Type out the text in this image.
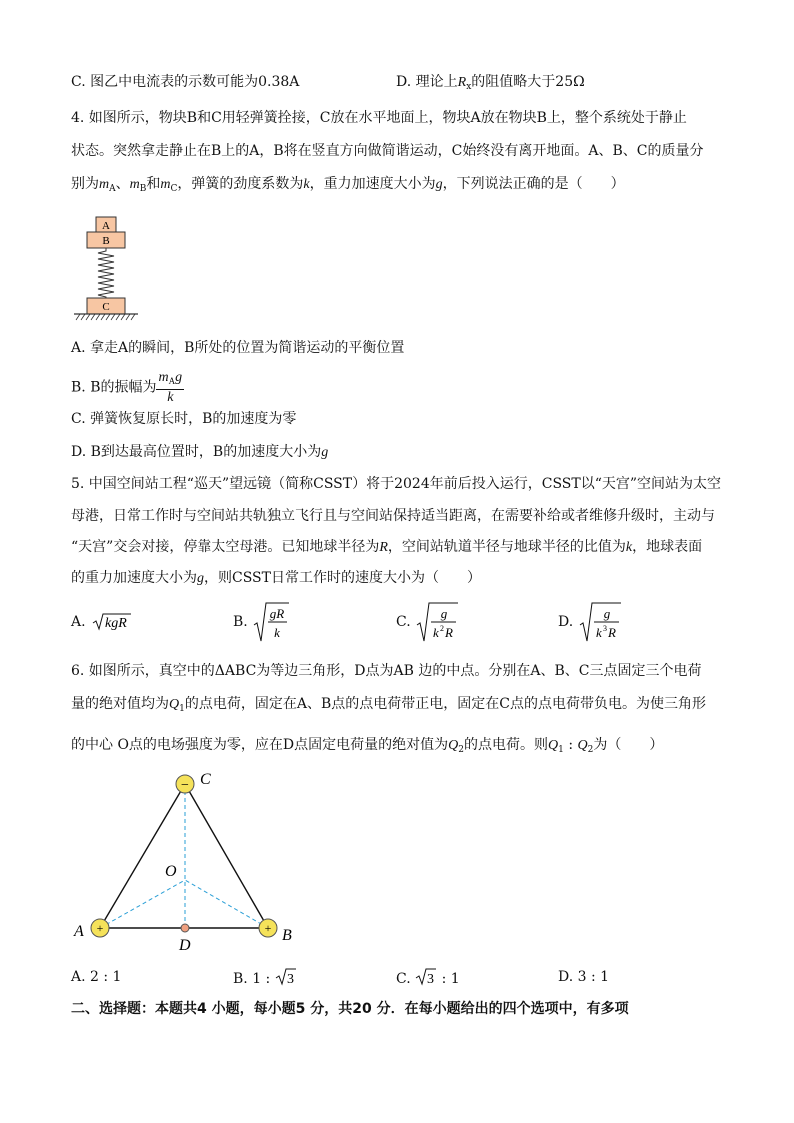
C. 图乙中电流表的示数可能为0.38A	D. 理论上$R_x$的阻值略大于25Ω
4. 如图所示，物块B和C用轻弹簧拴接，C放在水平地面上，物块A放在物块B上，整个系统处于静止
状态。突然拿走静止在B上的A，B将在竖直方向做简谐运动，C始终没有离开地面。A、B、C的质量分
别为$m_A$、$m_B$和$m_C$，弹簧的劲度系数为k，重力加速度大小为g，下列说法正确的是（　　）
A
B
C
A. 拿走A的瞬间，B所处的位置为简谐运动的平衡位置
B. B的振幅为 $\frac{m_Ag}{k}$
C. 弹簧恢复原长时，B的加速度为零
D. B到达最高位置时，B的加速度大小为g
5. 中国空间站工程“巡天”望远镜（简称CSST）将于2024年前后投入运行，CSST以“天宫”空间站为太空
母港，日常工作时与空间站共轨独立飞行且与空间站保持适当距离，在需要补给或者维修升级时，主动与
“天宫”交会对接，停靠太空母港。已知地球半径为R，空间站轨道半径与地球半径的比值为k，地球表面
的重力加速度大小为g，则CSST日常工作时的速度大小为（　　）
A. kgR	B.
gR
k
C.
g
k 2 R
D.
g
k 3 R
6. 如图所示，真空中的ΔABC为等边三角形，D点为AB 边的中点。分别在A、B、C三点固定三个电荷
量的绝对值均为$Q_1$的点电荷，固定在A、B点的点电荷带正电，固定在C点的点电荷带负电。为使三角形
的中心 O点的电场强度为零，应在D点固定电荷量的绝对值为$Q_2$的点电荷。则$Q_1$ : $Q_2$为（　　）
−
+	+
C
A	B
D
O
A. 2 : 1	B. 1 : 3	C. 3 : 1	D. 3 : 1
二、选择题：本题共4 小题，每小题5 分，共20 分．在每小题给出的四个选项中，有多项
